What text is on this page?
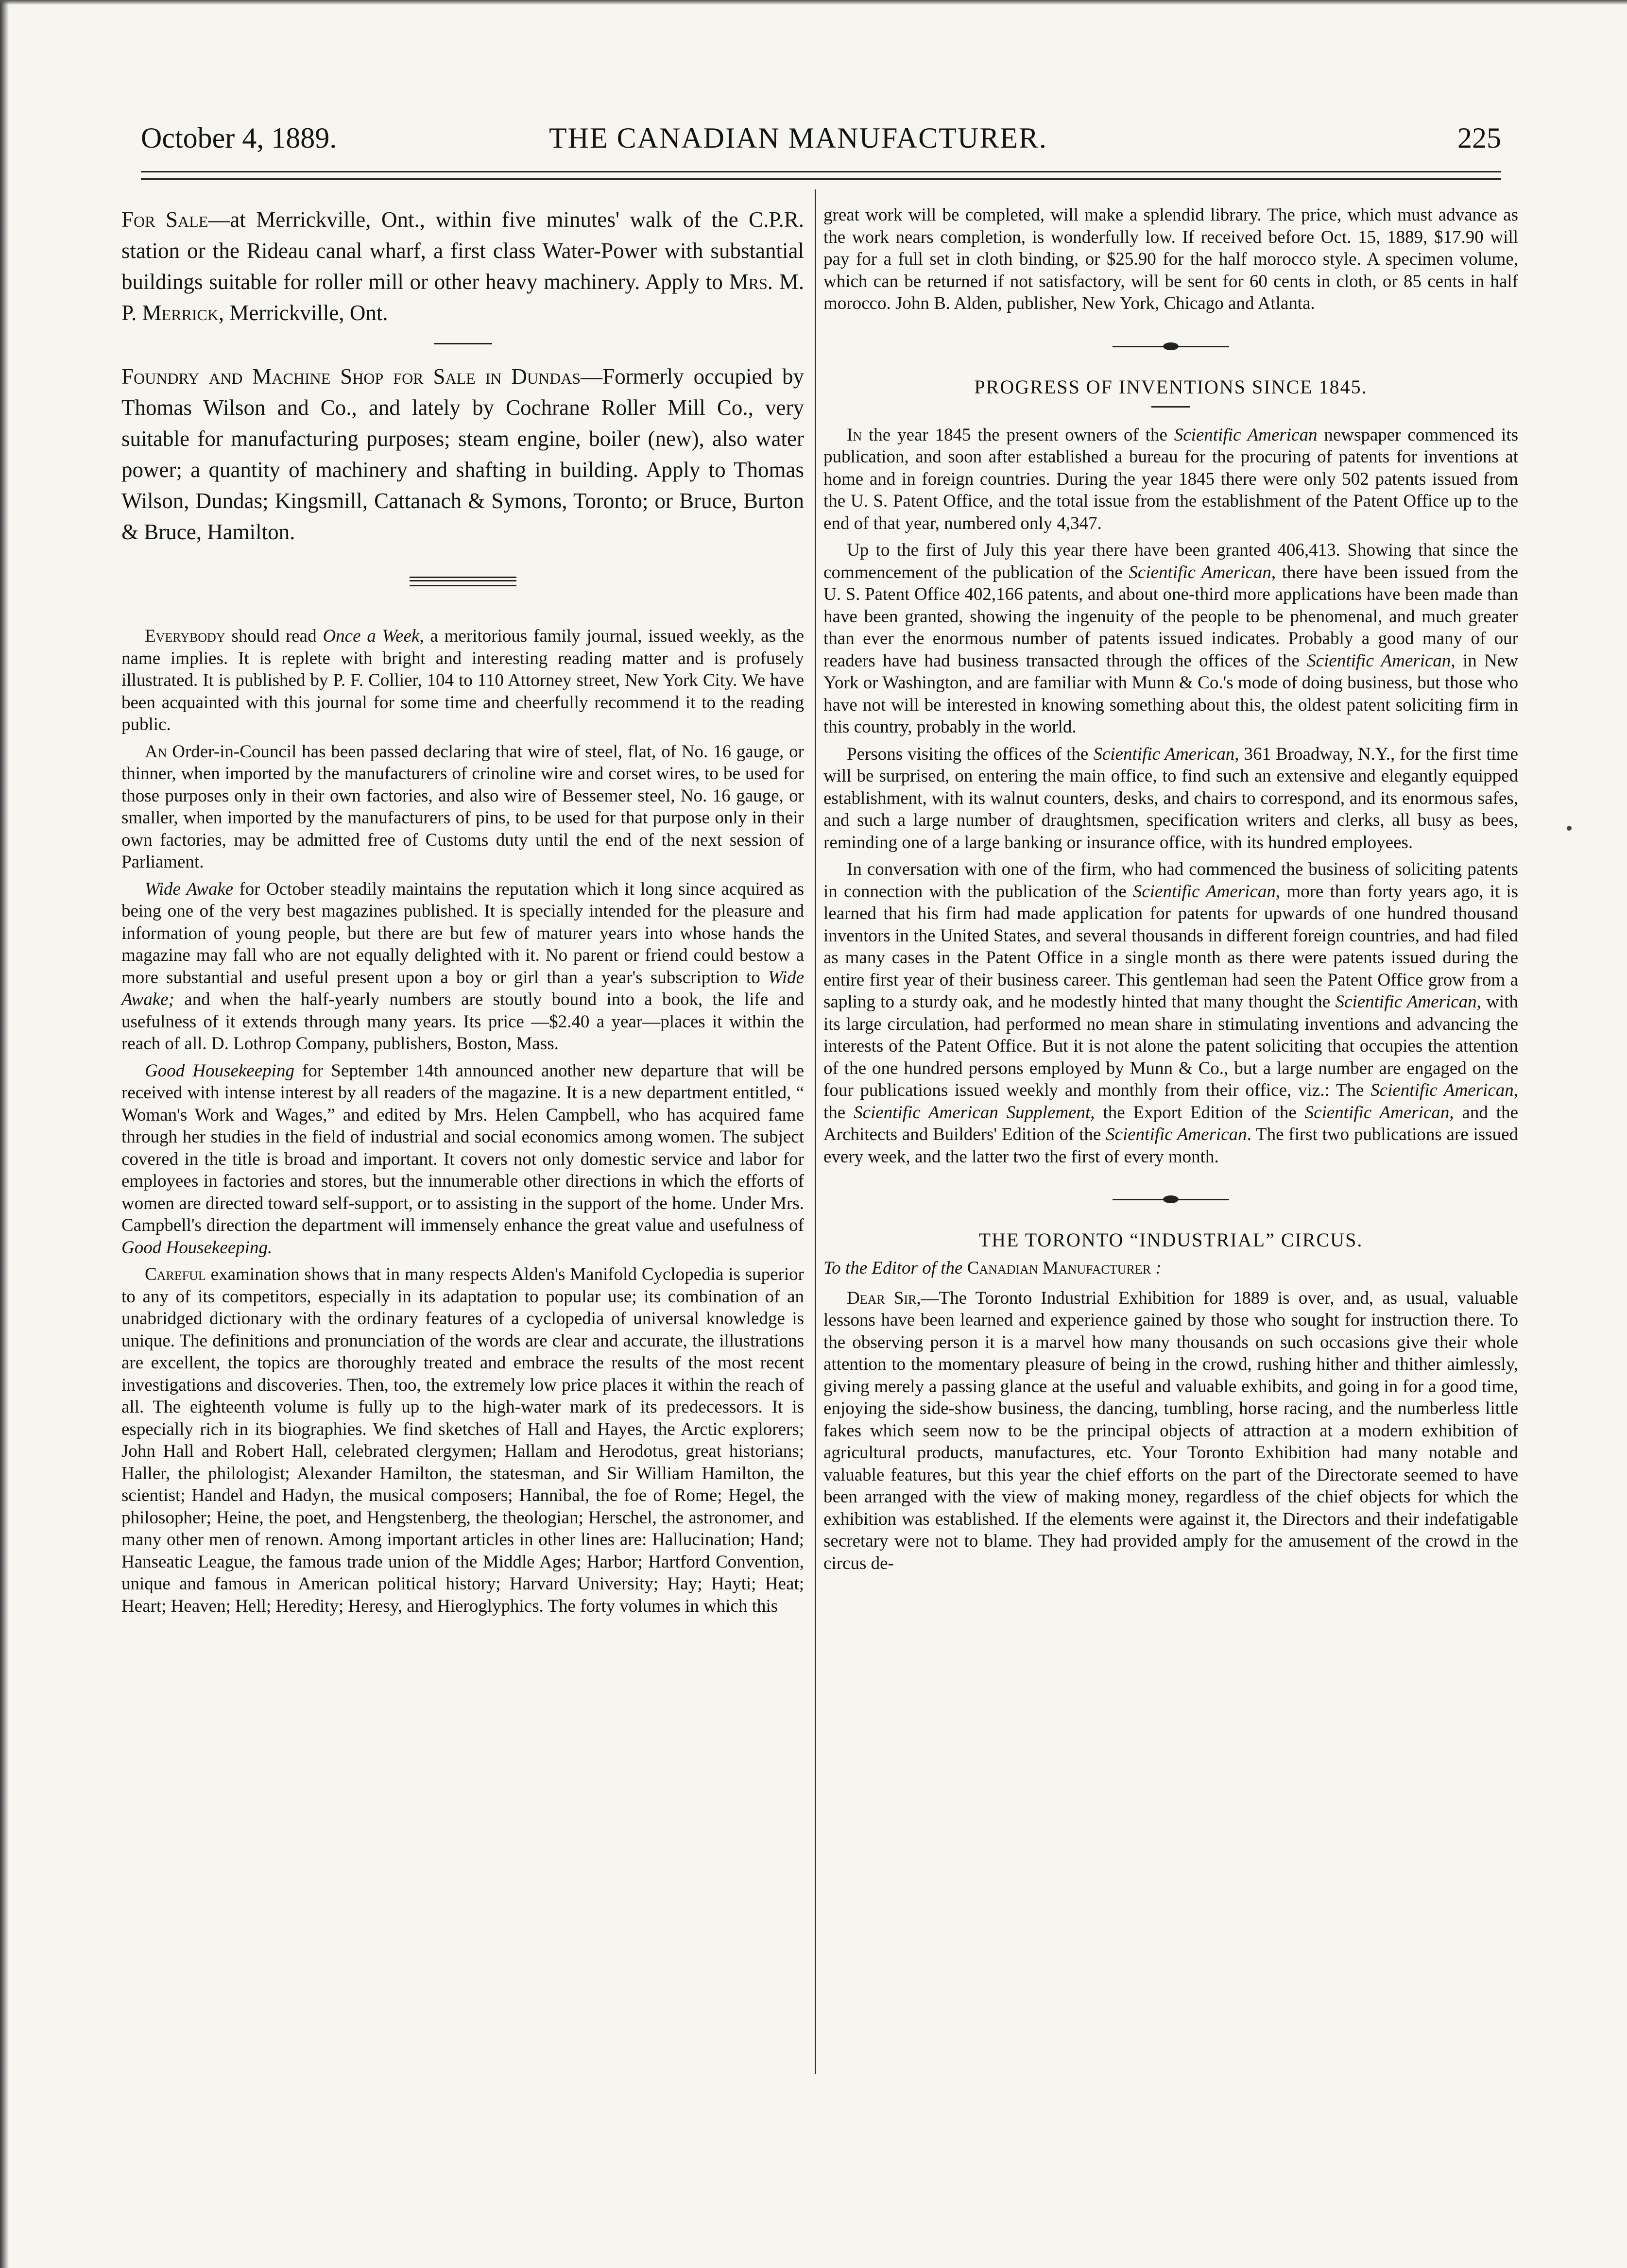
October 4, 1889.	THE CANADIAN MANUFACTURER.	225

For Sale—at Merrickville, Ont., within five minutes' walk of the C.P.R. station or the Rideau canal wharf, a first class Water-Power with substantial buildings suitable for roller mill or other heavy machinery. Apply to Mrs. M. P. Merrick, Merrickville, Ont.

Foundry and Machine Shop for Sale in Dundas—Formerly occupied by Thomas Wilson and Co., and lately by Cochrane Roller Mill Co., very suitable for manufacturing purposes; steam engine, boiler (new), also water power; a quantity of machinery and shafting in building. Apply to Thomas Wilson, Dundas; Kingsmill, Cattanach & Symons, Toronto; or Bruce, Burton & Bruce, Hamilton.

Everybody should read Once a Week, a meritorious family journal, issued weekly, as the name implies. It is replete with bright and interesting reading matter and is profusely illustrated. It is published by P. F. Collier, 104 to 110 Attorney street, New York City. We have been acquainted with this journal for some time and cheerfully recommend it to the reading public.

An Order-in-Council has been passed declaring that wire of steel, flat, of No. 16 gauge, or thinner, when imported by the manufacturers of crinoline wire and corset wires, to be used for those purposes only in their own factories, and also wire of Bessemer steel, No. 16 gauge, or smaller, when imported by the manufacturers of pins, to be used for that purpose only in their own factories, may be admitted free of Customs duty until the end of the next session of Parliament.

Wide Awake for October steadily maintains the reputation which it long since acquired as being one of the very best magazines published. It is specially intended for the pleasure and information of young people, but there are but few of maturer years into whose hands the magazine may fall who are not equally delighted with it. No parent or friend could bestow a more substantial and useful present upon a boy or girl than a year's subscription to Wide Awake; and when the half-yearly numbers are stoutly bound into a book, the life and usefulness of it extends through many years. Its price —$2.40 a year—places it within the reach of all. D. Lothrop Company, publishers, Boston, Mass.

Good Housekeeping for September 14th announced another new departure that will be received with intense interest by all readers of the magazine. It is a new department entitled, “ Woman's Work and Wages,” and edited by Mrs. Helen Campbell, who has acquired fame through her studies in the field of industrial and social economics among women. The subject covered in the title is broad and important. It covers not only domestic service and labor for employees in factories and stores, but the innumerable other directions in which the efforts of women are directed toward self-support, or to assisting in the support of the home. Under Mrs. Campbell's direction the department will immensely enhance the great value and usefulness of Good Housekeeping.

Careful examination shows that in many respects Alden's Manifold Cyclopedia is superior to any of its competitors, especially in its adaptation to popular use; its combination of an unabridged dictionary with the ordinary features of a cyclopedia of universal knowledge is unique. The definitions and pronunciation of the words are clear and accurate, the illustrations are excellent, the topics are thoroughly treated and embrace the results of the most recent investigations and discoveries. Then, too, the extremely low price places it within the reach of all. The eighteenth volume is fully up to the high-water mark of its predecessors. It is especially rich in its biographies. We find sketches of Hall and Hayes, the Arctic explorers; John Hall and Robert Hall, celebrated clergymen; Hallam and Herodotus, great historians; Haller, the philologist; Alexander Hamilton, the statesman, and Sir William Hamilton, the scientist; Handel and Hadyn, the musical composers; Hannibal, the foe of Rome; Hegel, the philosopher; Heine, the poet, and Hengstenberg, the theologian; Herschel, the astronomer, and many other men of renown. Among important articles in other lines are: Hallucination; Hand; Hanseatic League, the famous trade union of the Middle Ages; Harbor; Hartford Convention, unique and famous in American political history; Harvard University; Hay; Hayti; Heat; Heart; Heaven; Hell; Heredity; Heresy, and Hieroglyphics. The forty volumes in which this

great work will be completed, will make a splendid library. The price, which must advance as the work nears completion, is wonderfully low. If received before Oct. 15, 1889, $17.90 will pay for a full set in cloth binding, or $25.90 for the half morocco style. A specimen volume, which can be returned if not satisfactory, will be sent for 60 cents in cloth, or 85 cents in half morocco. John B. Alden, publisher, New York, Chicago and Atlanta.

PROGRESS OF INVENTIONS SINCE 1845.

In the year 1845 the present owners of the Scientific American newspaper commenced its publication, and soon after established a bureau for the procuring of patents for inventions at home and in foreign countries. During the year 1845 there were only 502 patents issued from the U. S. Patent Office, and the total issue from the establishment of the Patent Office up to the end of that year, numbered only 4,347.

Up to the first of July this year there have been granted 406,413. Showing that since the commencement of the publication of the Scientific American, there have been issued from the U. S. Patent Office 402,166 patents, and about one-third more applications have been made than have been granted, showing the ingenuity of the people to be phenomenal, and much greater than ever the enormous number of patents issued indicates. Probably a good many of our readers have had business transacted through the offices of the Scientific American, in New York or Washington, and are familiar with Munn & Co.'s mode of doing business, but those who have not will be interested in knowing something about this, the oldest patent soliciting firm in this country, probably in the world.

Persons visiting the offices of the Scientific American, 361 Broadway, N.Y., for the first time will be surprised, on entering the main office, to find such an extensive and elegantly equipped establishment, with its walnut counters, desks, and chairs to correspond, and its enormous safes, and such a large number of draughtsmen, specification writers and clerks, all busy as bees, reminding one of a large banking or insurance office, with its hundred employees.

In conversation with one of the firm, who had commenced the business of soliciting patents in connection with the publication of the Scientific American, more than forty years ago, it is learned that his firm had made application for patents for upwards of one hundred thousand inventors in the United States, and several thousands in different foreign countries, and had filed as many cases in the Patent Office in a single month as there were patents issued during the entire first year of their business career. This gentleman had seen the Patent Office grow from a sapling to a sturdy oak, and he modestly hinted that many thought the Scientific American, with its large circulation, had performed no mean share in stimulating inventions and advancing the interests of the Patent Office. But it is not alone the patent soliciting that occupies the attention of the one hundred persons employed by Munn & Co., but a large number are engaged on the four publications issued weekly and monthly from their office, viz.: The Scientific American, the Scientific American Supplement, the Export Edition of the Scientific American, and the Architects and Builders' Edition of the Scientific American. The first two publications are issued every week, and the latter two the first of every month.

THE TORONTO “INDUSTRIAL” CIRCUS.

To the Editor of the Canadian Manufacturer :

Dear Sir,—The Toronto Industrial Exhibition for 1889 is over, and, as usual, valuable lessons have been learned and experience gained by those who sought for instruction there. To the observing person it is a marvel how many thousands on such occasions give their whole attention to the momentary pleasure of being in the crowd, rushing hither and thither aimlessly, giving merely a passing glance at the useful and valuable exhibits, and going in for a good time, enjoying the side-show business, the dancing, tumbling, horse racing, and the numberless little fakes which seem now to be the principal objects of attraction at a modern exhibition of agricultural products, manufactures, etc. Your Toronto Exhibition had many notable and valuable features, but this year the chief efforts on the part of the Directorate seemed to have been arranged with the view of making money, regardless of the chief objects for which the exhibition was established. If the elements were against it, the Directors and their indefatigable secretary were not to blame. They had provided amply for the amusement of the crowd in the circus de-
